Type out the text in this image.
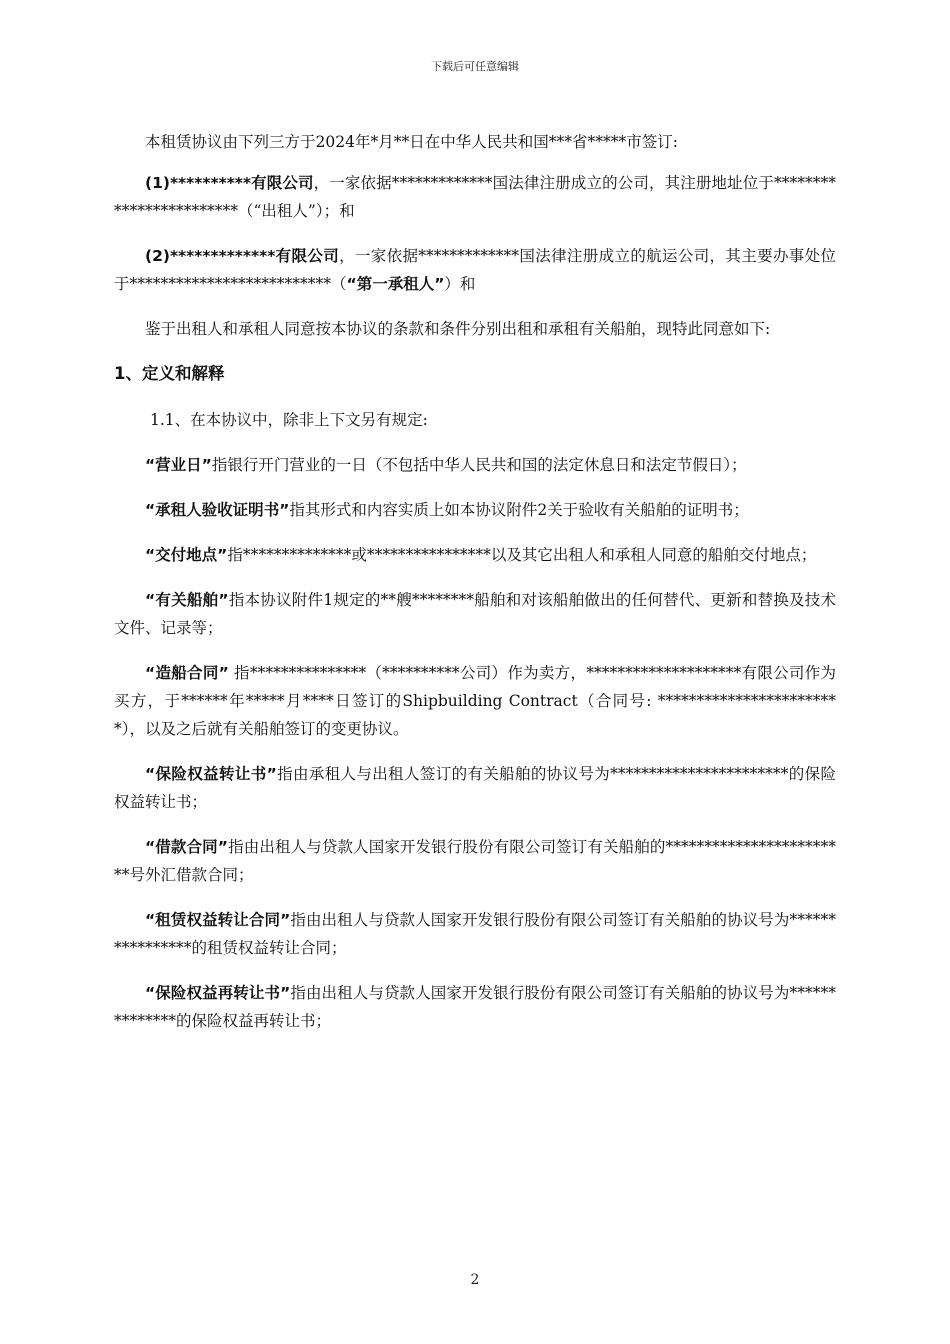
下载后可任意编辑

本租赁协议由下列三方于2024年*月**日在中华人民共和国***省*****市签订:

(1)**********有限公司，一家依据*************国法律注册成立的公司，其注册地址位于************************（“出租人”）；和

(2)*************有限公司，一家依据*************国法律注册成立的航运公司，其主要办事处位于**************************（“第一承租人”）和

鉴于出租人和承租人同意按本协议的条款和条件分别出租和承租有关船舶，现特此同意如下:

1、定义和解释
1.1、在本协议中，除非上下文另有规定:

“营业日”指银行开门营业的一日（不包括中华人民共和国的法定休息日和法定节假日）；

“承租人验收证明书”指其形式和内容实质上如本协议附件2关于验收有关船舶的证明书；

“交付地点”指**************或****************以及其它出租人和承租人同意的船舶交付地点；

“有关船舶”指本协议附件1规定的**艘********船舶和对该船舶做出的任何替代、更新和替换及技术文件、记录等；

“造船合同” 指***************（**********公司）作为卖方，********************有限公司作为买方，于******年*****月****日签订的Shipbuilding Contract（合同号: ************************），以及之后就有关船舶签订的变更协议。

“保险权益转让书”指由承租人与出租人签订的有关船舶的协议号为***********************的保险权益转让书；

“借款合同”指由出租人与贷款人国家开发银行股份有限公司签订有关船舶的************************号外汇借款合同；

“租赁权益转让合同”指由出租人与贷款人国家开发银行股份有限公司签订有关船舶的协议号为****************的租赁权益转让合同；

“保险权益再转让书”指由出租人与贷款人国家开发银行股份有限公司签订有关船舶的协议号为**************的保险权益再转让书；

2
